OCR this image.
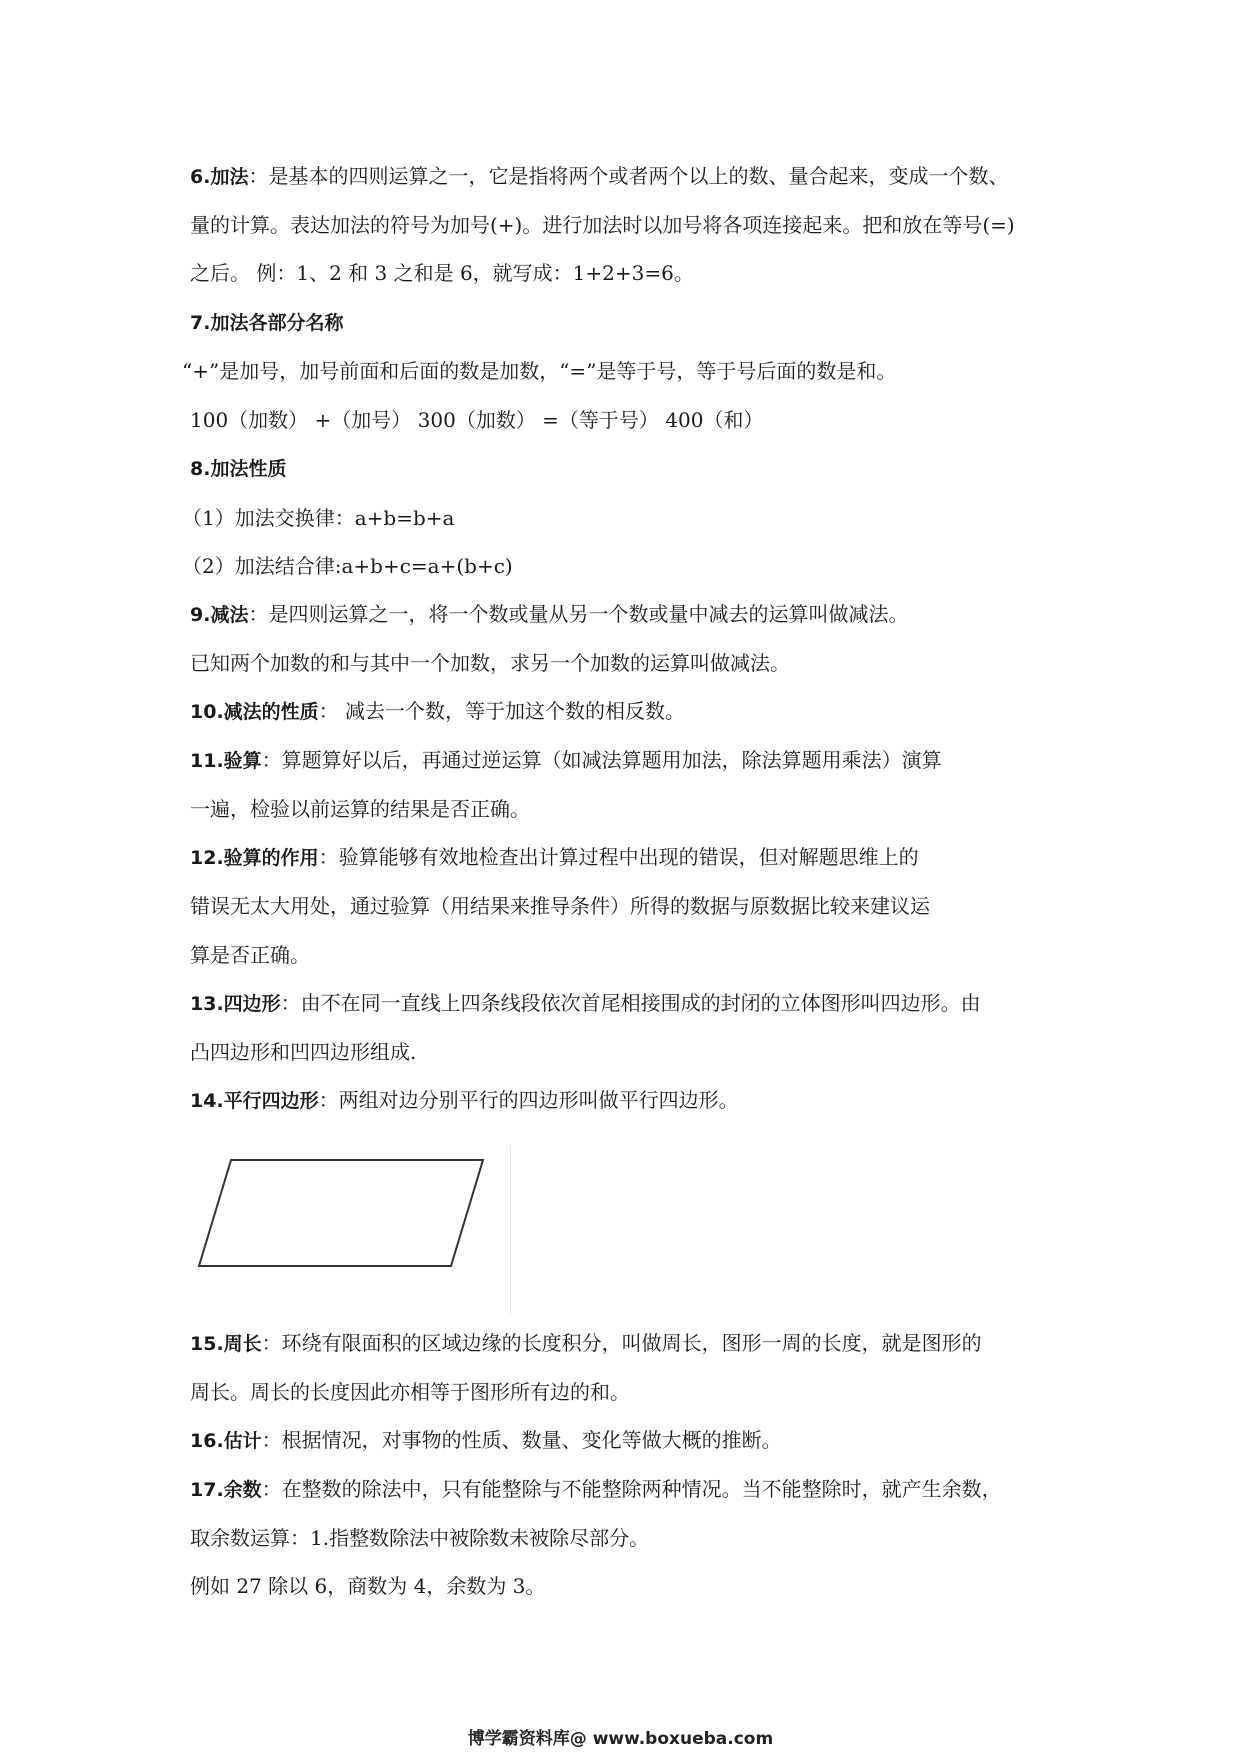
6.加法：是基本的四则运算之一，它是指将两个或者两个以上的数、量合起来，变成一个数、
量的计算。表达加法的符号为加号(+)。进行加法时以加号将各项连接起来。把和放在等号(=)
之后。 例：1、2 和 3 之和是 6，就写成：1+2+3=6。
7.加法各部分名称
“+”是加号，加号前面和后面的数是加数，“=”是等于号，等于号后面的数是和。
100（加数） +（加号） 300（加数） =（等于号） 400（和）
8.加法性质
（1）加法交换律：a+b=b+a
（2）加法结合律:a+b+c=a+(b+c)
9.减法：是四则运算之一，将一个数或量从另一个数或量中减去的运算叫做减法。
已知两个加数的和与其中一个加数，求另一个加数的运算叫做减法。
10.减法的性质： 减去一个数，等于加这个数的相反数。
11.验算：算题算好以后，再通过逆运算（如减法算题用加法，除法算题用乘法）演算
一遍，检验以前运算的结果是否正确。
12.验算的作用：验算能够有效地检查出计算过程中出现的错误，但对解题思维上的
错误无太大用处，通过验算（用结果来推导条件）所得的数据与原数据比较来建议运
算是否正确。
13.四边形：由不在同一直线上四条线段依次首尾相接围成的封闭的立体图形叫四边形。由
凸四边形和凹四边形组成.
14.平行四边形：两组对边分别平行的四边形叫做平行四边形。
15.周长：环绕有限面积的区域边缘的长度积分，叫做周长，图形一周的长度，就是图形的
周长。周长的长度因此亦相等于图形所有边的和。
16.估计：根据情况，对事物的性质、数量、变化等做大概的推断。
17.余数：在整数的除法中，只有能整除与不能整除两种情况。当不能整除时，就产生余数，
取余数运算：1.指整数除法中被除数未被除尽部分。
例如 27 除以 6，商数为 4，余数为 3。
博学霸资料库@ www.boxueba.com
